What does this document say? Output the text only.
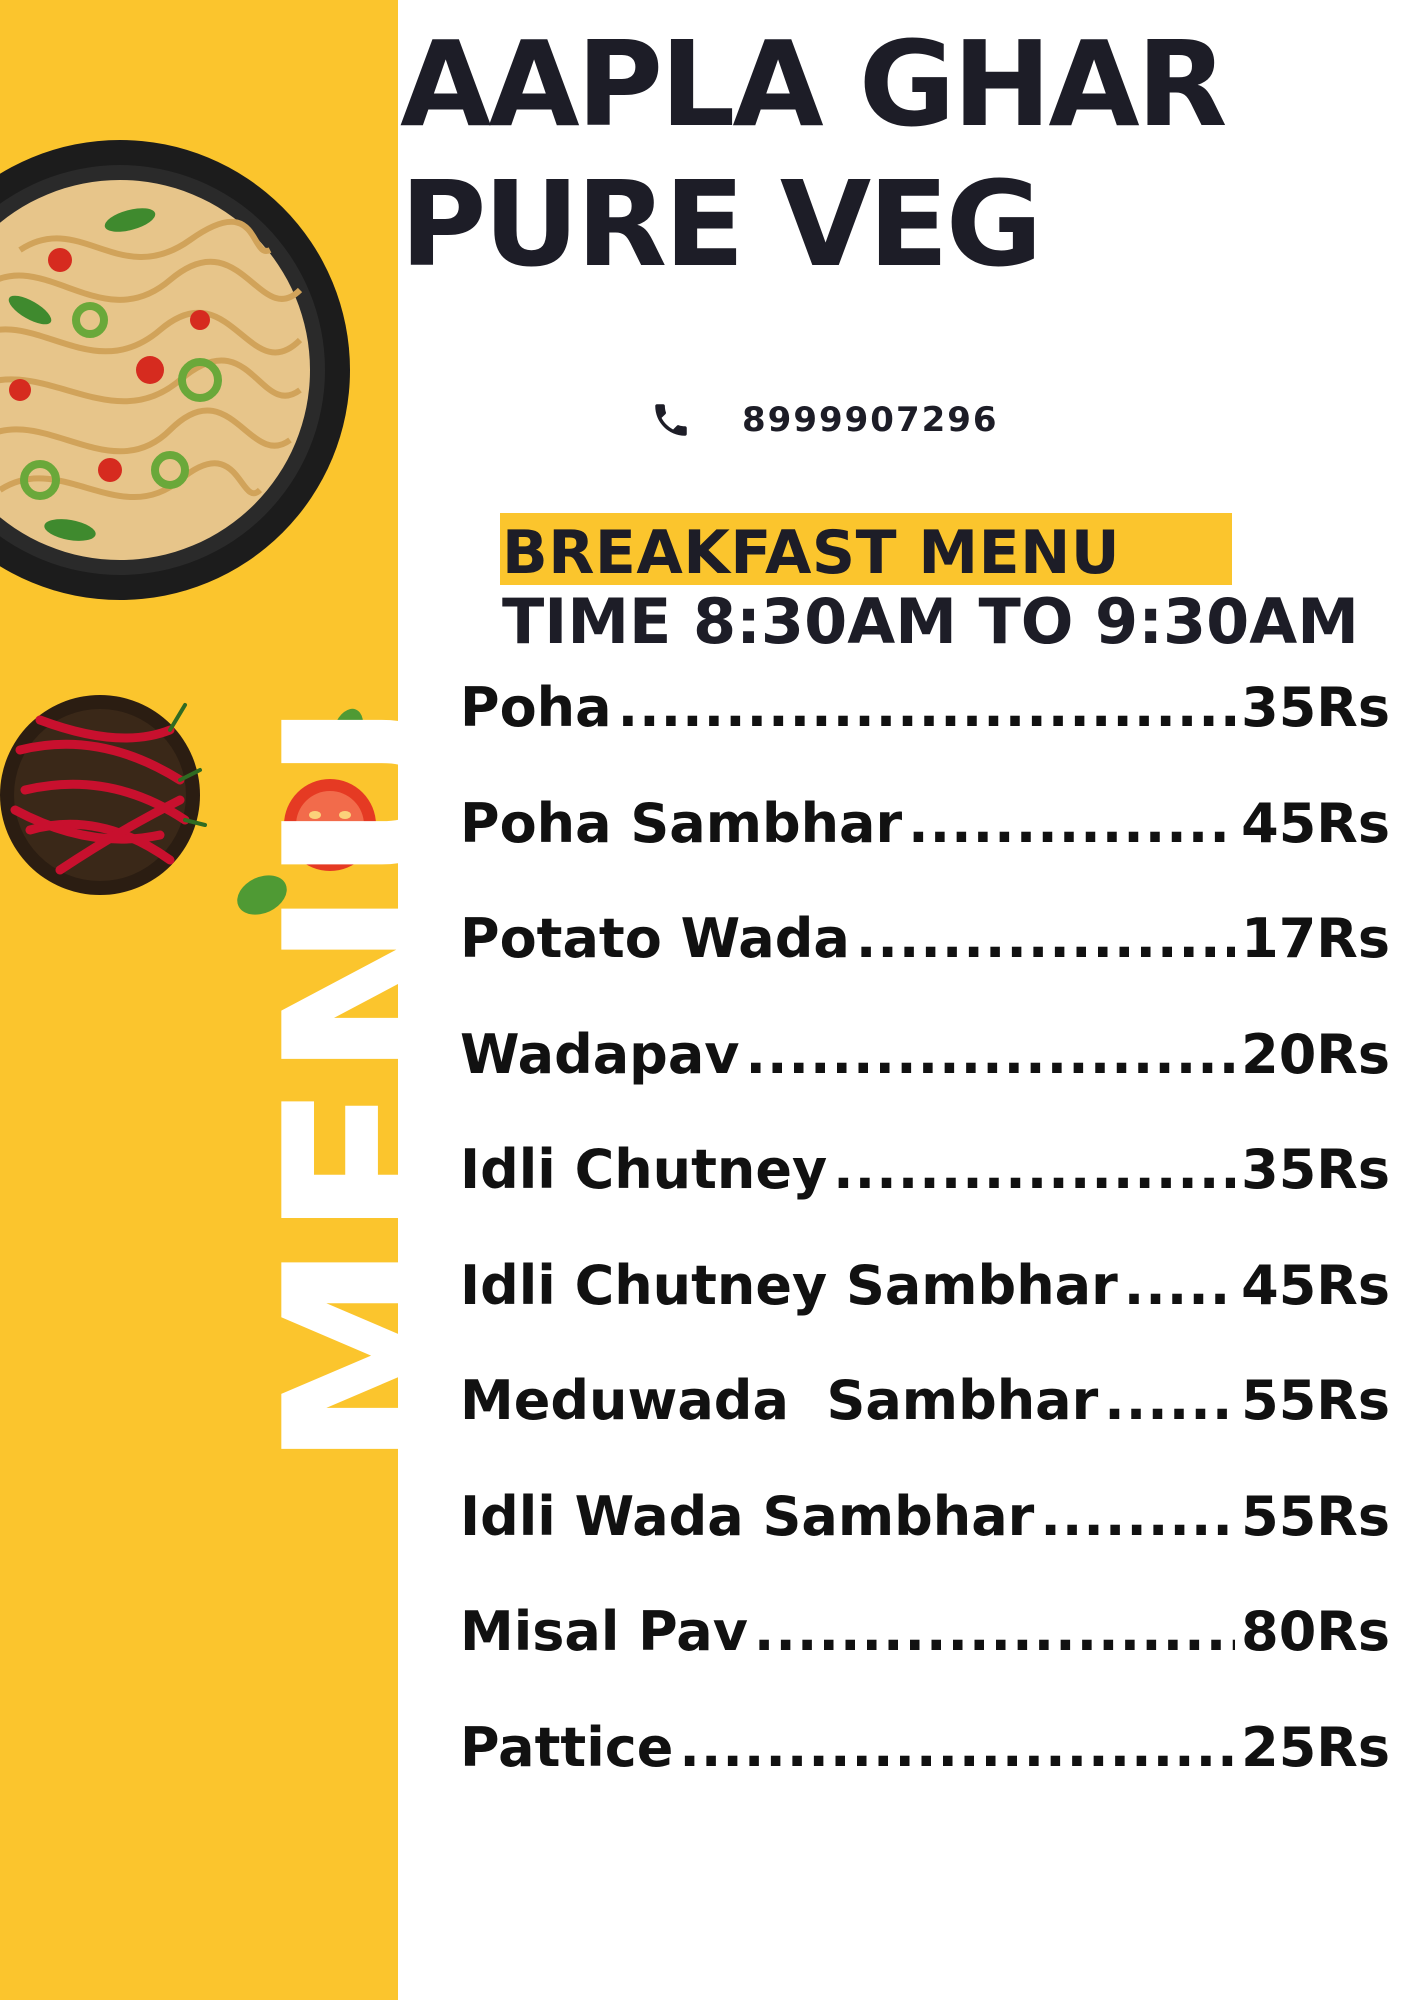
MENU
AAPLA GHAR
PURE VEG
8999907296
BREAKFAST MENU
TIME 8:30AM TO 9:30AM
Poha .....	35Rs
Poha Sambhar .....	45Rs
Potato Wada .....	17Rs
Wadapav .....	20Rs
Idli Chutney .....	35Rs
Idli Chutney Sambhar ..... 45Rs
Meduwada  Sambhar .....	55Rs
Idli Wada Sambhar .....	55Rs
Misal Pav .....	80Rs
Pattice .....	25Rs
